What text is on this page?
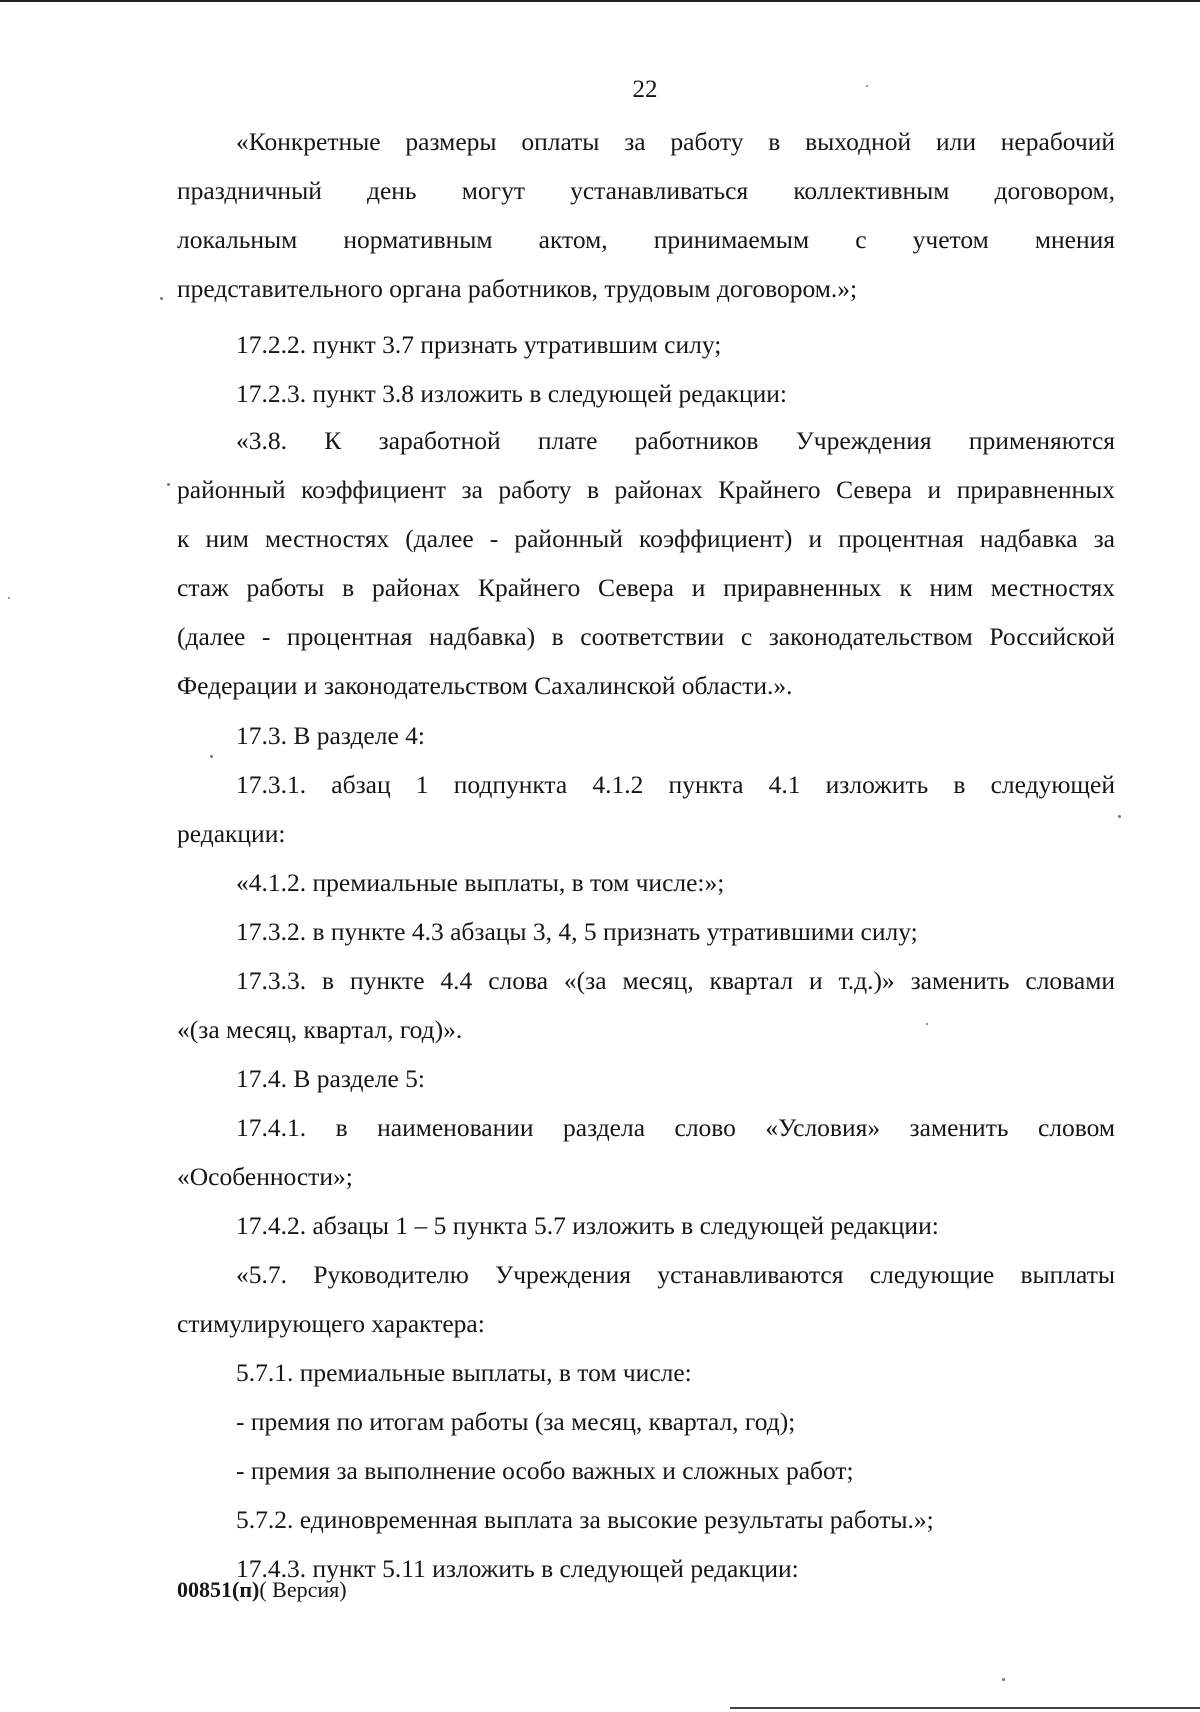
22
«Конкретные размеры оплаты за работу в выходной или нерабочий
праздничный день могут устанавливаться коллективным договором,
локальным нормативным актом, принимаемым с учетом мнения
представительного органа работников, трудовым договором.»;
17.2.2. пункт 3.7 признать утратившим силу;
17.2.3. пункт 3.8 изложить в следующей редакции:
«3.8. К заработной плате работников Учреждения применяются
районный коэффициент за работу в районах Крайнего Севера и приравненных
к ним местностях (далее - районный коэффициент) и процентная надбавка за
стаж работы в районах Крайнего Севера и приравненных к ним местностях
(далее - процентная надбавка) в соответствии с законодательством Российской
Федерации и законодательством Сахалинской области.».
17.3. В разделе 4:
17.3.1. абзац 1 подпункта 4.1.2 пункта 4.1 изложить в следующей
редакции:
«4.1.2. премиальные выплаты, в том числе:»;
17.3.2. в пункте 4.3 абзацы 3, 4, 5 признать утратившими силу;
17.3.3. в пункте 4.4 слова «(за месяц, квартал и т.д.)» заменить словами
«(за месяц, квартал, год)».
17.4. В разделе 5:
17.4.1. в наименовании раздела слово «Условия» заменить словом
«Особенности»;
17.4.2. абзацы 1 – 5 пункта 5.7 изложить в следующей редакции:
«5.7. Руководителю Учреждения устанавливаются следующие выплаты
стимулирующего характера:
5.7.1. премиальные выплаты, в том числе:
- премия по итогам работы (за месяц, квартал, год);
- премия за выполнение особо важных и сложных работ;
5.7.2. единовременная выплата за высокие результаты работы.»;
17.4.3. пункт 5.11 изложить в следующей редакции:
00851(п)( Версия)
